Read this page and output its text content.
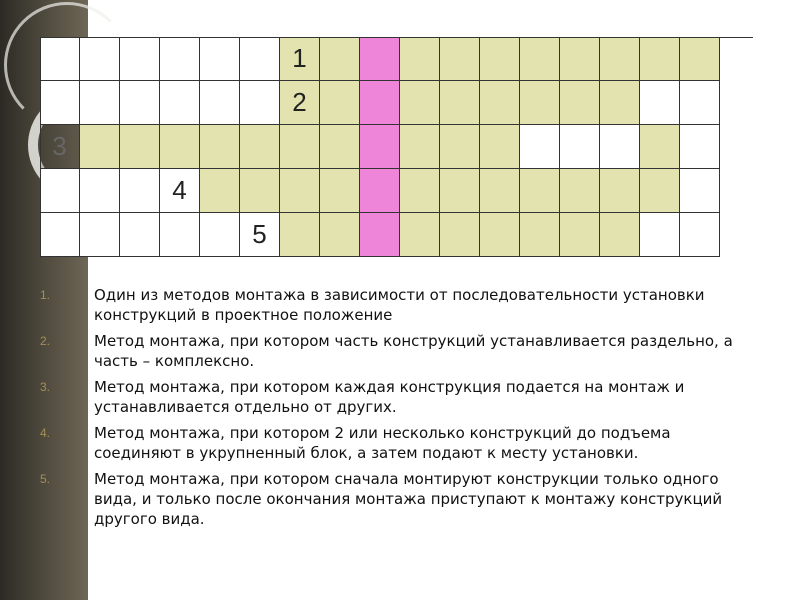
1
2
3
4
5
1.	Один из методов монтажа в зависимости от последовательности установки конструкций в проектное положение
2.	Метод монтажа, при котором часть конструкций устанавливается раздельно, а часть – комплексно.
3.	Метод монтажа, при котором каждая конструкция подается на монтаж и устанавливается отдельно от других.
4.	Метод монтажа, при котором 2 или несколько конструкций до подъема соединяют в укрупненный блок, а затем подают к месту установки.
5.	Метод монтажа, при котором сначала монтируют конструкции только одного вида, и только после окончания монтажа приступают к монтажу конструкций другого вида.
